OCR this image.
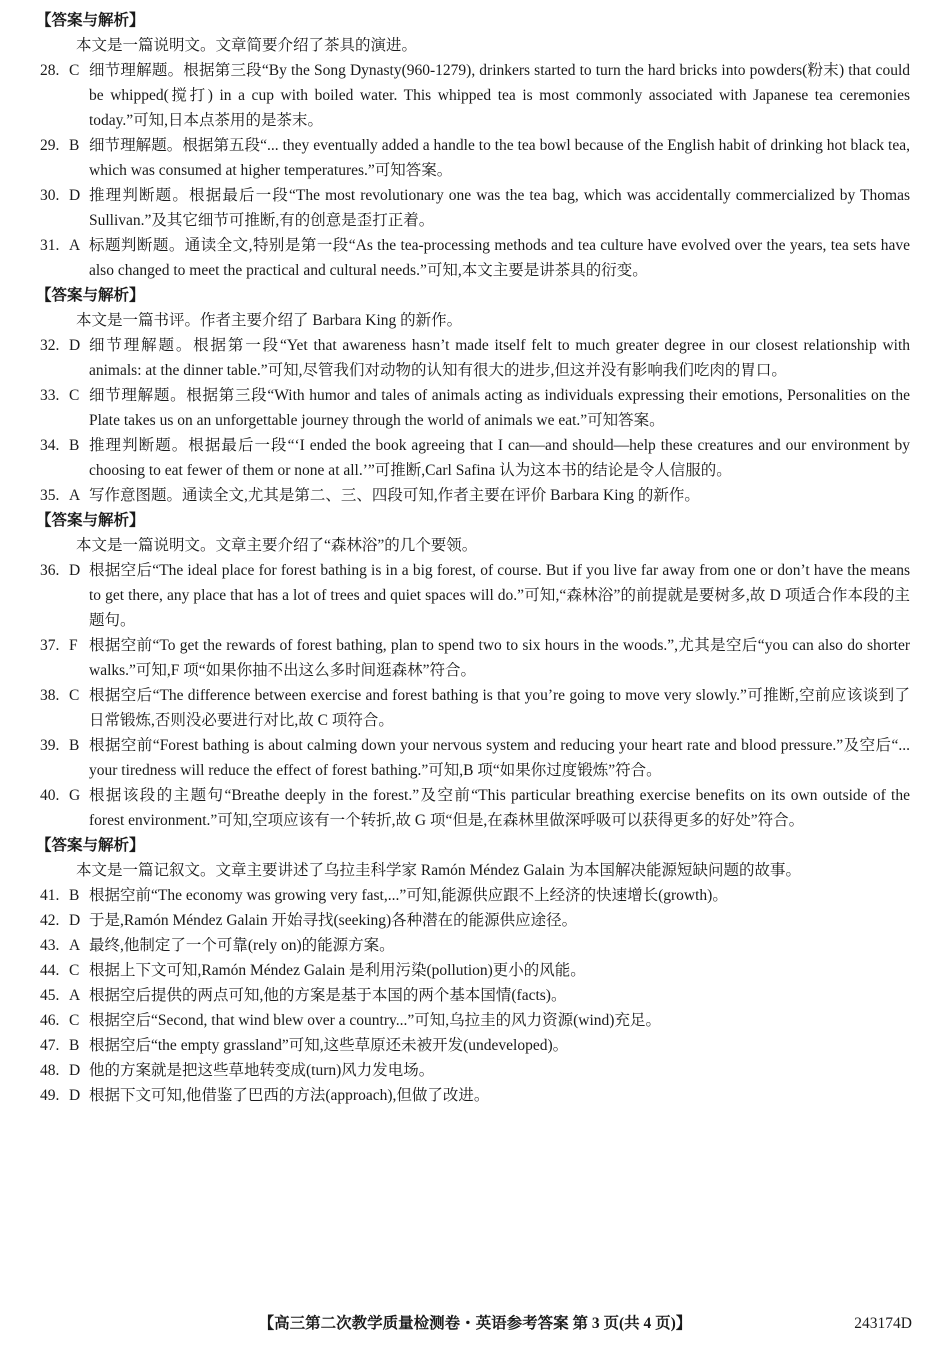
【答案与解析】
本文是一篇说明文。文章简要介绍了茶具的演进。
28. C 细节理解题。根据第三段“By the Song Dynasty(960-1279), drinkers started to turn the hard bricks into powders(粉末) that could be whipped(搅打) in a cup with boiled water. This whipped tea is most commonly associated with Japanese tea ceremonies today.”可知,日本点茶用的是茶末。
29. B 细节理解题。根据第五段“... they eventually added a handle to the tea bowl because of the English habit of drinking hot black tea, which was consumed at higher temperatures.”可知答案。
30. D 推理判断题。根据最后一段“The most revolutionary one was the tea bag, which was accidentally commercialized by Thomas Sullivan.”及其它细节可推断,有的创意是歪打正着。
31. A 标题判断题。通读全文,特别是第一段“As the tea-processing methods and tea culture have evolved over the years, tea sets have also changed to meet the practical and cultural needs.”可知,本文主要是讲茶具的衍变。
【答案与解析】
本文是一篇书评。作者主要介绍了 Barbara King 的新作。
32. D 细节理解题。根据第一段“Yet that awareness hasn’t made itself felt to much greater degree in our closest relationship with animals: at the dinner table.”可知,尽管我们对动物的认知有很大的进步,但这并没有影响我们吃肉的胃口。
33. C 细节理解题。根据第三段“With humor and tales of animals acting as individuals expressing their emotions, Personalities on the Plate takes us on an unforgettable journey through the world of animals we eat.”可知答案。
34. B 推理判断题。根据最后一段“‘I ended the book agreeing that I can—and should—help these creatures and our environment by choosing to eat fewer of them or none at all.’”可推断,Carl Safina 认为这本书的结论是令人信服的。
35. A 写作意图题。通读全文,尤其是第二、三、四段可知,作者主要在评价 Barbara King 的新作。
【答案与解析】
本文是一篇说明文。文章主要介绍了“森林浴”的几个要领。
36. D 根据空后“The ideal place for forest bathing is in a big forest, of course. But if you live far away from one or don’t have the means to get there, any place that has a lot of trees and quiet spaces will do.”可知,“森林浴”的前提就是要树多,故 D 项适合作本段的主题句。
37. F 根据空前“To get the rewards of forest bathing, plan to spend two to six hours in the woods.”,尤其是空后“you can also do shorter walks.”可知,F 项“如果你抽不出这么多时间逛森林”符合。
38. C 根据空后“The difference between exercise and forest bathing is that you’re going to move very slowly.”可推断,空前应该谈到了日常锻炼,否则没必要进行对比,故 C 项符合。
39. B 根据空前“Forest bathing is about calming down your nervous system and reducing your heart rate and blood pressure.”及空后“... your tiredness will reduce the effect of forest bathing.”可知,B 项“如果你过度锻炼”符合。
40. G 根据该段的主题句“Breathe deeply in the forest.”及空前“This particular breathing exercise benefits on its own outside of the forest environment.”可知,空项应该有一个转折,故 G 项“但是,在森林里做深呼吸可以获得更多的好处”符合。
【答案与解析】
本文是一篇记叙文。文章主要讲述了乌拉圭科学家 Ramón Méndez Galain 为本国解决能源短缺问题的故事。
41. B 根据空前“The economy was growing very fast,...”可知,能源供应跟不上经济的快速增长(growth)。
42. D 于是,Ramón Méndez Galain 开始寻找(seeking)各种潜在的能源供应途径。
43. A 最终,他制定了一个可靠(rely on)的能源方案。
44. C 根据上下文可知,Ramón Méndez Galain 是利用污染(pollution)更小的风能。
45. A 根据空后提供的两点可知,他的方案是基于本国的两个基本国情(facts)。
46. C 根据空后“Second, that wind blew over a country...”可知,乌拉圭的风力资源(wind)充足。
47. B 根据空后“the empty grassland”可知,这些草原还未被开发(undeveloped)。
48. D 他的方案就是把这些草地转变成(turn)风力发电场。
49. D 根据下文可知,他借鉴了巴西的方法(approach),但做了改进。
【高三第二次教学质量检测卷・英语参考答案 第 3 页(共 4 页)】	243174D
